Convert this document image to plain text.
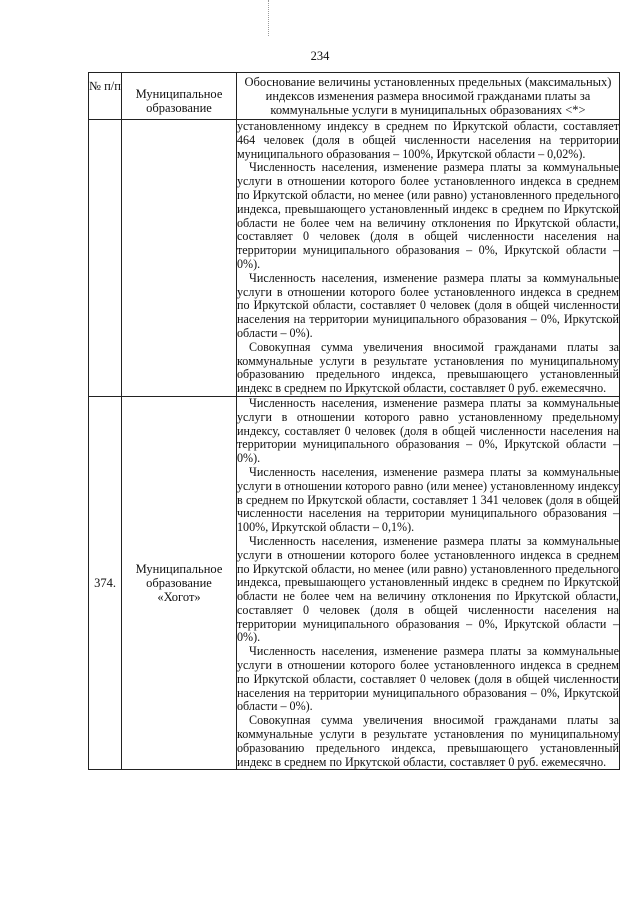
234
№ п/п	Муниципальное образование	Обоснование величины установленных предельных (максимальных) индексов изменения размера вносимой гражданами платы за коммунальные услуги в муниципальных образованиях <*>

		установленному индексу в среднем по Иркутской области, составляет 464 человек (доля в общей численности населения на территории муниципального образования – 100%, Иркутской области – 0,02%).

Численность населения, изменение размера платы за коммунальные услуги в отношении которого более установленного индекса в среднем по Иркутской области, но менее (или равно) установленного предельного индекса, превышающего установленный индекс в среднем по Иркутской области не более чем на величину отклонения по Иркутской области, составляет 0 человек (доля в общей численности населения на территории муниципального образования – 0%, Иркутской области – 0%).

Численность населения, изменение размера платы за коммунальные услуги в отношении которого более установленного индекса в среднем по Иркутской области, составляет 0 человек (доля в общей численности населения на территории муниципального образования – 0%, Иркутской области – 0%).

Совокупная сумма увеличения вносимой гражданами платы за коммунальные услуги в результате установления по муниципальному образованию предельного индекса, превышающего установленный индекс в среднем по Иркутской области, составляет 0 руб. ежемесячно.

374.	Муниципальное образование «Хогот»	Численность населения, изменение размера платы за коммунальные услуги в отношении которого равно установленному предельному индексу, составляет 0 человек (доля в общей численности населения на территории муниципального образования – 0%, Иркутской области – 0%).

Численность населения, изменение размера платы за коммунальные услуги в отношении которого равно (или менее) установленному индексу в среднем по Иркутской области, составляет 1 341 человек (доля в общей численности населения на территории муниципального образования – 100%, Иркутской области – 0,1%).

Численность населения, изменение размера платы за коммунальные услуги в отношении которого более установленного индекса в среднем по Иркутской области, но менее (или равно) установленного предельного индекса, превышающего установленный индекс в среднем по Иркутской области не более чем на величину отклонения по Иркутской области, составляет 0 человек (доля в общей численности населения на территории муниципального образования – 0%, Иркутской области – 0%).

Численность населения, изменение размера платы за коммунальные услуги в отношении которого более установленного индекса в среднем по Иркутской области, составляет 0 человек (доля в общей численности населения на территории муниципального образования – 0%, Иркутской области – 0%).

Совокупная сумма увеличения вносимой гражданами платы за коммунальные услуги в результате установления по муниципальному образованию предельного индекса, превышающего установленный индекс в среднем по Иркутской области, составляет 0 руб. ежемесячно.
